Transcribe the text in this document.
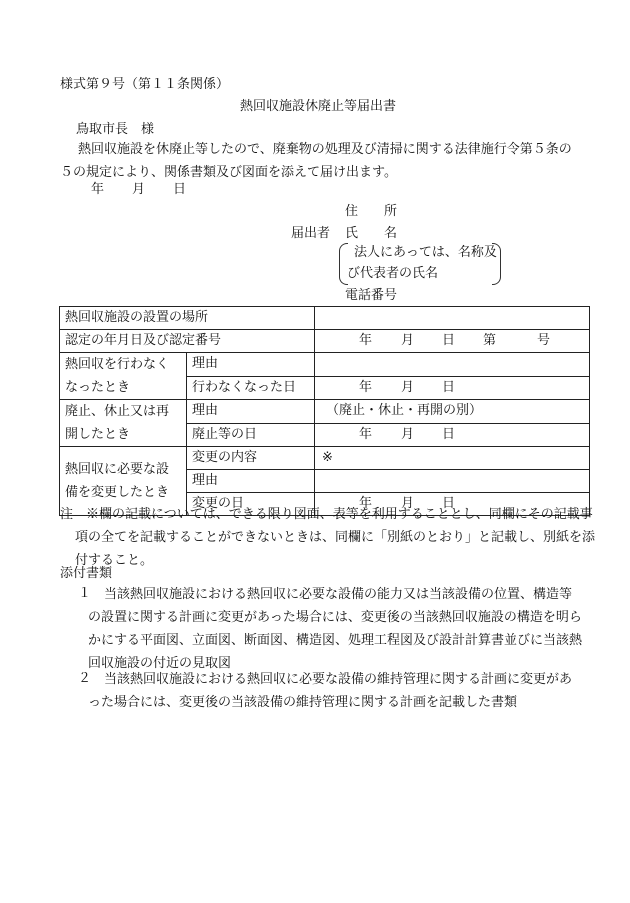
様式第９号（第１１条関係）
熱回収施設休廃止等届出書
鳥取市長　様
熱回収施設を休廃止等したので、廃棄物の処理及び清掃に関する法律施行令第５条の５の規定により、関係書類及び図面を添えて届け出ます。
年 月 日
住　　所
届出者 氏　　名
法人にあっては、名称及
び代表者の氏名
電話番号
熱回収施設の設置の場所		
認定の年月日及び認定番号		年 月 日 第 号

熱回収を行わなくなったとき	理由	
	行わなくなった日	年 月 日

廃止、休止又は再開したとき	理由	（廃止・休止・再開の別）
	廃止等の日	年 月 日

熱回収に必要な設備を変更したとき	変更の内容	※
	理由	
	変更の日	年 月 日
注　※欄の記載については、できる限り図面、表等を利用することとし、同欄にその記載事項の全てを記載することができないときは、同欄に「別紙のとおり」と記載し、別紙を添付すること。
添付書類
１ 当該熱回収施設における熱回収に必要な設備の能力又は当該設備の位置、構造等の設置に関する計画に変更があった場合には、変更後の当該熱回収施設の構造を明らかにする平面図、立面図、断面図、構造図、処理工程図及び設計計算書並びに当該熱回収施設の付近の見取図
２ 当該熱回収施設における熱回収に必要な設備の維持管理に関する計画に変更があった場合には、変更後の当該設備の維持管理に関する計画を記載した書類
